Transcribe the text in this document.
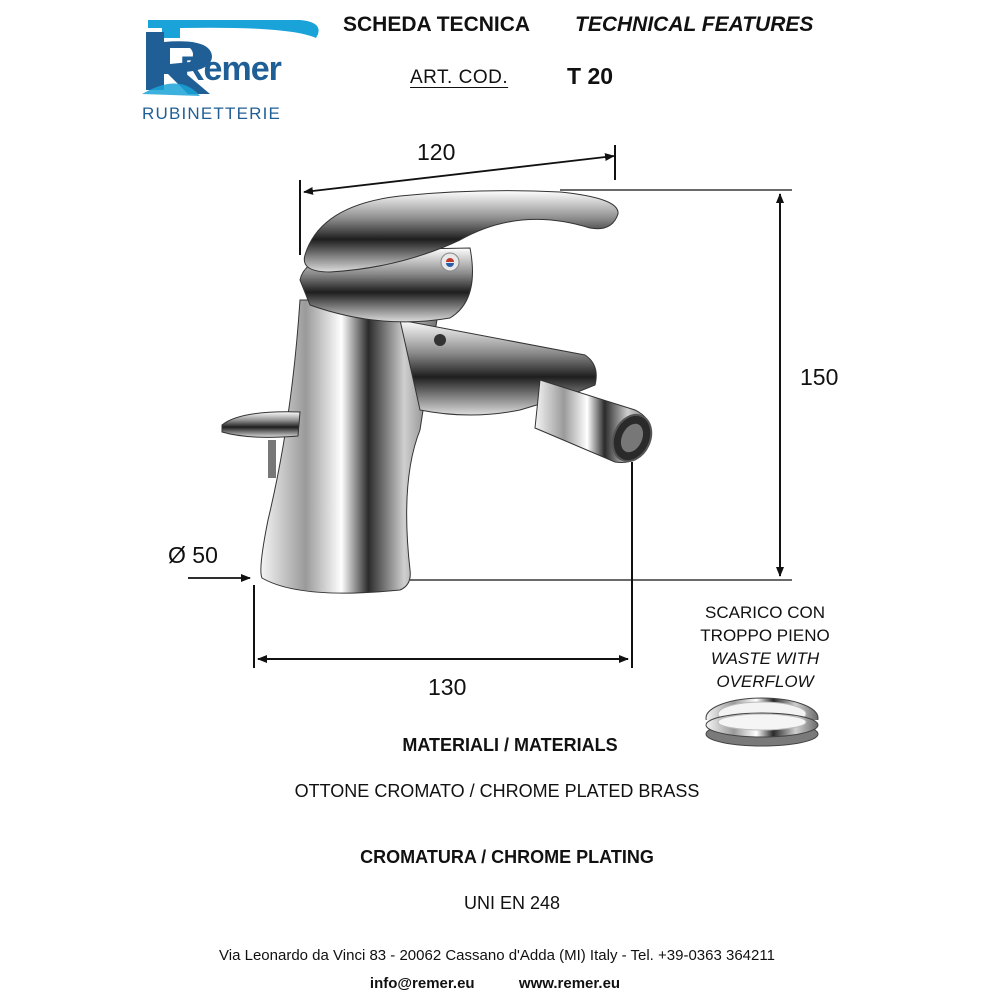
Remer
RUBINETTERIE
SCHEDA TECNICA TECHNICAL FEATURES
ART. COD.	T 20
120
150
Ø 50
130
SCARICO CON
TROPPO PIENO
WASTE WITH
OVERFLOW
MATERIALI / MATERIALS
OTTONE CROMATO / CHROME PLATED BRASS
CROMATURA / CHROME PLATING
UNI EN 248
Via Leonardo da Vinci 83 - 20062 Cassano d'Adda (MI) Italy - Tel. +39-0363 364211
info@remer.eu	www.remer.eu
